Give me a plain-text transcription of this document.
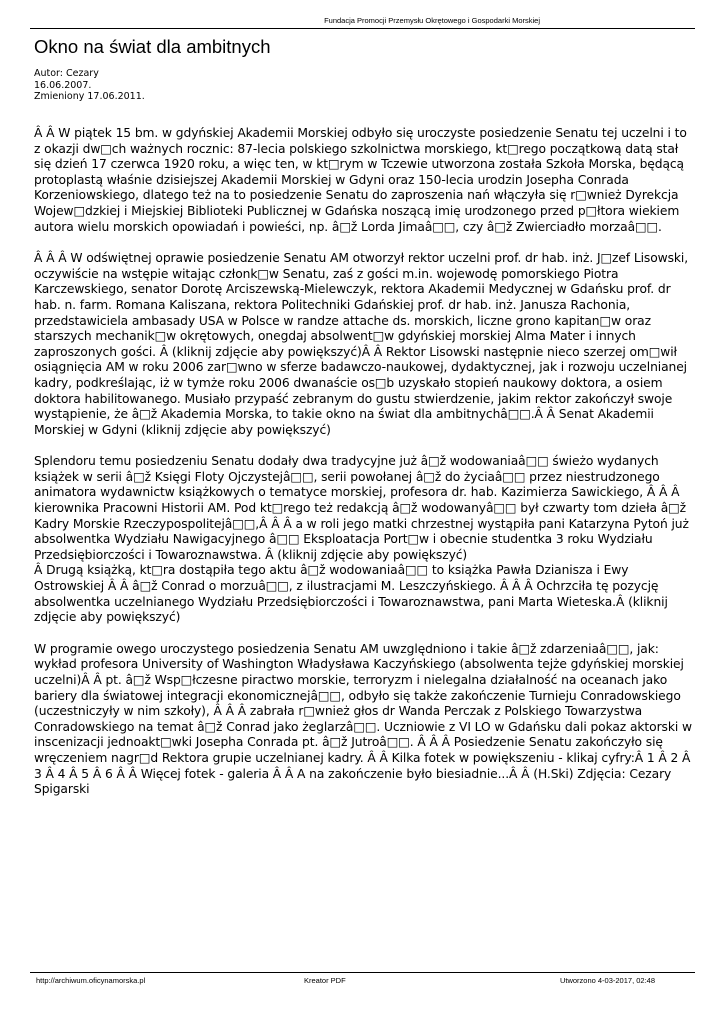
Fundacja Promocji Przemysłu Okrętowego i Gospodarki Morskiej
Okno na świat dla ambitnych
Autor: Cezary
16.06.2007.
Zmieniony 17.06.2011.

Â Â W piątek 15 bm. w gdyńskiej Akademii Morskiej odbyło się uroczyste posiedzenie Senatu tej uczelni i to z okazji dw□ch ważnych rocznic: 87-lecia polskiego szkolnictwa morskiego, kt□rego początkową datą stał się dzień 17 czerwca 1920 roku, a więc ten, w kt□rym w Tczewie utworzona została Szkoła Morska, będącą protoplastą właśnie dzisiejszej Akademii Morskiej w Gdyni oraz 150-lecia urodzin Josepha Conrada Korzeniowskiego, dlatego też na to posiedzenie Senatu do zaproszenia nań włączyła się r□wnież Dyrekcja Wojew□dzkiej i Miejskiej Biblioteki Publicznej w Gdańska noszącą imię urodzonego przed p□łtora wiekiem autora wielu morskich opowiadań i powieści, np. â□ž Lorda Jimaâ□□, czy â□ž Zwierciadło morzaâ□□.

Â Â Â W odświętnej oprawie posiedzenie Senatu AM otworzył rektor uczelni prof. dr hab. inż. J□zef Lisowski, oczywiście na wstępie witając członk□w Senatu, zaś z gości m.in. wojewodę pomorskiego Piotra Karczewskiego, senator Dorotę Arciszewską-Mielewczyk, rektora Akademii Medycznej w Gdańsku prof. dr hab. n. farm. Romana Kaliszana, rektora Politechniki Gdańskiej prof. dr hab. inż. Janusza Rachonia, przedstawiciela ambasady USA w Polsce w randze attache ds. morskich, liczne grono kapitan□w oraz starszych mechanik□w okrętowych, onegdaj absolwent□w gdyńskiej morskiej Alma Mater i innych zaproszonych gości. Â (kliknij zdjęcie aby powiększyć)Â Â Rektor Lisowski następnie nieco szerzej om□wił osiągnięcia AM w roku 2006 zar□wno w sferze badawczo-naukowej, dydaktycznej, jak i rozwoju uczelnianej kadry, podkreślając, iż w tymże roku 2006 dwanaście os□b uzyskało stopień naukowy doktora, a osiem doktora habilitowanego. Musiało przypaść zebranym do gustu stwierdzenie, jakim rektor zakończył swoje wystąpienie, że â□ž Akademia Morska, to takie okno na świat dla ambitnychâ□□.Â Â Senat Akademii Morskiej w Gdyni (kliknij zdjęcie aby powiększyć)

Splendoru temu posiedzeniu Senatu dodały dwa tradycyjne już â□ž wodowaniaâ□□ świeżo wydanych książek w serii â□ž Księgi Floty Ojczystejâ□□, serii powołanej â□ž do życiaâ□□ przez niestrudzonego animatora wydawnictw książkowych o tematyce morskiej, profesora dr. hab. Kazimierza Sawickiego, Â Â Â kierownika Pracowni Historii AM. Pod kt□rego też redakcją â□ž wodowanyâ□□ był czwarty tom dzieła â□ž Kadry Morskie Rzeczypospolitejâ□□,Â Â Â a w roli jego matki chrzestnej wystąpiła pani Katarzyna Pytoń już absolwentka Wydziału Nawigacyjnego â□□ Eksploatacja Port□w i obecnie studentka 3 roku Wydziału Przedsiębiorczości i Towaroznawstwa. Â (kliknij zdjęcie aby powiększyć)

Â Drugą książką, kt□ra dostąpiła tego aktu â□ž wodowaniaâ□□ to książka Pawła Dzianisza i Ewy Ostrowskiej Â Â â□ž Conrad o morzuâ□□, z ilustracjami M. Leszczyńskiego. Â Â Â Ochrzciła tę pozycję absolwentka uczelnianego Wydziału Przedsiębiorczości i Towaroznawstwa, pani Marta Wieteska.Â (kliknij zdjęcie aby powiększyć)

W programie owego uroczystego posiedzenia Senatu AM uwzględniono i takie â□ž zdarzeniaâ□□, jak: wykład profesora University of Washington Władysława Kaczyńskiego (absolwenta tejże gdyńskiej morskiej uczelni)Â Â pt. â□ž Wsp□łczesne piractwo morskie, terroryzm i nielegalna działalność na oceanach jako bariery dla światowej integracji ekonomicznejâ□□, odbyło się także zakończenie Turnieju Conradowskiego (uczestniczyły w nim szkoły), Â Â Â zabrała r□wnież głos dr Wanda Perczak z Polskiego Towarzystwa Conradowskiego na temat â□ž Conrad jako żeglarzâ□□. Uczniowie z VI LO w Gdańsku dali pokaz aktorski w inscenizacji jednoakt□wki Josepha Conrada pt. â□ž Jutroâ□□. Â Â Â Posiedzenie Senatu zakończyło się wręczeniem nagr□d Rektora grupie uczelnianej kadry. Â Â Kilka fotek w powiększeniu - klikaj cyfry:Â 1 Â 2 Â 3 Â 4 Â 5 Â 6 Â Â Więcej fotek - galeria Â Â A na zakończenie było biesiadnie...Â Â (H.Ski) Zdjęcia: Cezary Spigarski

http://archiwum.oficynamorska.pl	Kreator PDF	Utworzono 4-03-2017, 02:48
